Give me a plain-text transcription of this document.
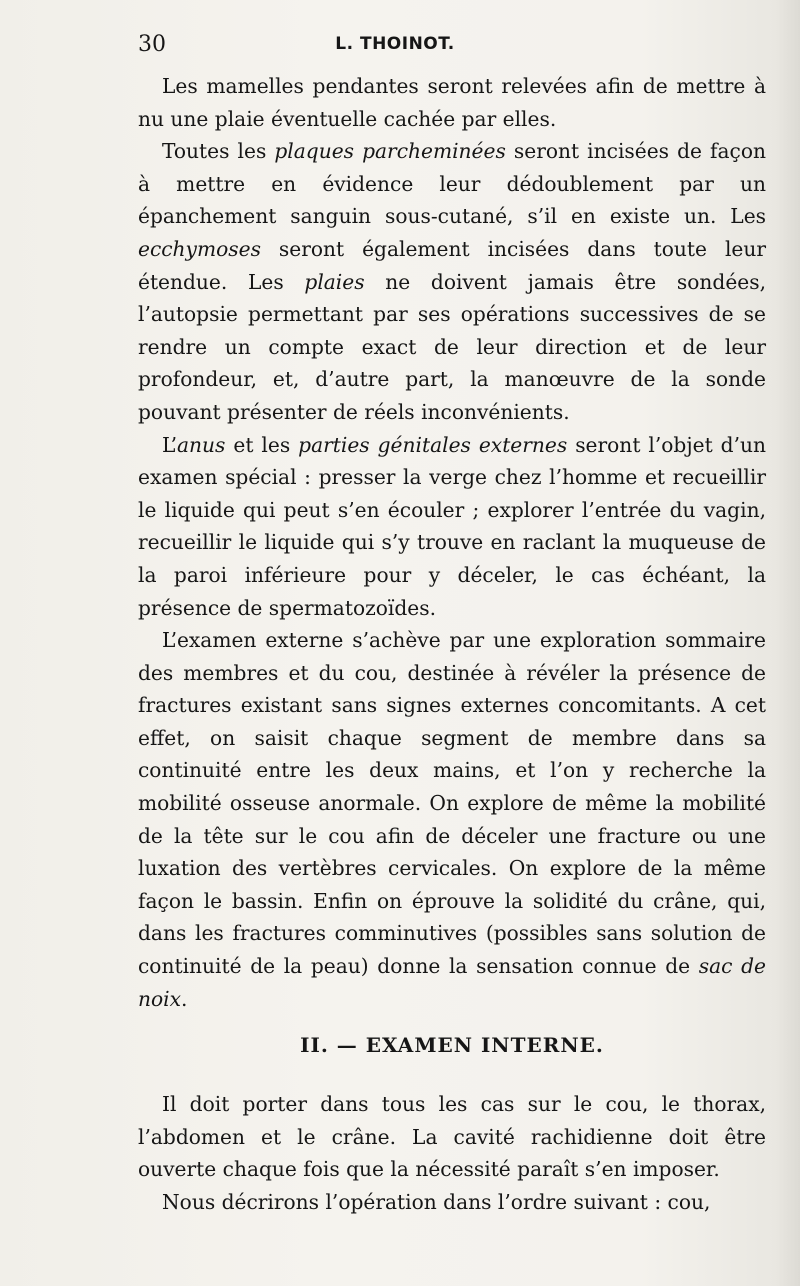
30	L. THOINOT.

Les mamelles pendantes seront relevées afin de mettre à nu une plaie éventuelle cachée par elles.

Toutes les plaques parcheminées seront incisées de façon à mettre en évidence leur dédoublement par un épanchement sanguin sous-cutané, s’il en existe un. Les ecchymoses seront également incisées dans toute leur étendue. Les plaies ne doivent jamais être sondées, l’autopsie permettant par ses opérations successives de se rendre un compte exact de leur direction et de leur profondeur, et, d’autre part, la manœuvre de la sonde pouvant présenter de réels inconvénients.

L’anus et les parties génitales externes seront l’objet d’un examen spécial : presser la verge chez l’homme et recueillir le liquide qui peut s’en écouler ; explorer l’entrée du vagin, recueillir le liquide qui s’y trouve en raclant la muqueuse de la paroi inférieure pour y déceler, le cas échéant, la présence de spermatozoïdes.

L’examen externe s’achève par une exploration sommaire des membres et du cou, destinée à révéler la présence de fractures existant sans signes externes concomitants. A cet effet, on saisit chaque segment de membre dans sa continuité entre les deux mains, et l’on y recherche la mobilité osseuse anormale. On explore de même la mobilité de la tête sur le cou afin de déceler une fracture ou une luxation des vertèbres cervicales. On explore de la même façon le bassin. Enfin on éprouve la solidité du crâne, qui, dans les fractures comminutives (possibles sans solution de continuité de la peau) donne la sensation connue de sac de noix.

II. — EXAMEN INTERNE.

Il doit porter dans tous les cas sur le cou, le thorax, l’abdomen et le crâne. La cavité rachidienne doit être ouverte chaque fois que la nécessité paraît s’en imposer.

Nous décrirons l’opération dans l’ordre suivant : cou,
